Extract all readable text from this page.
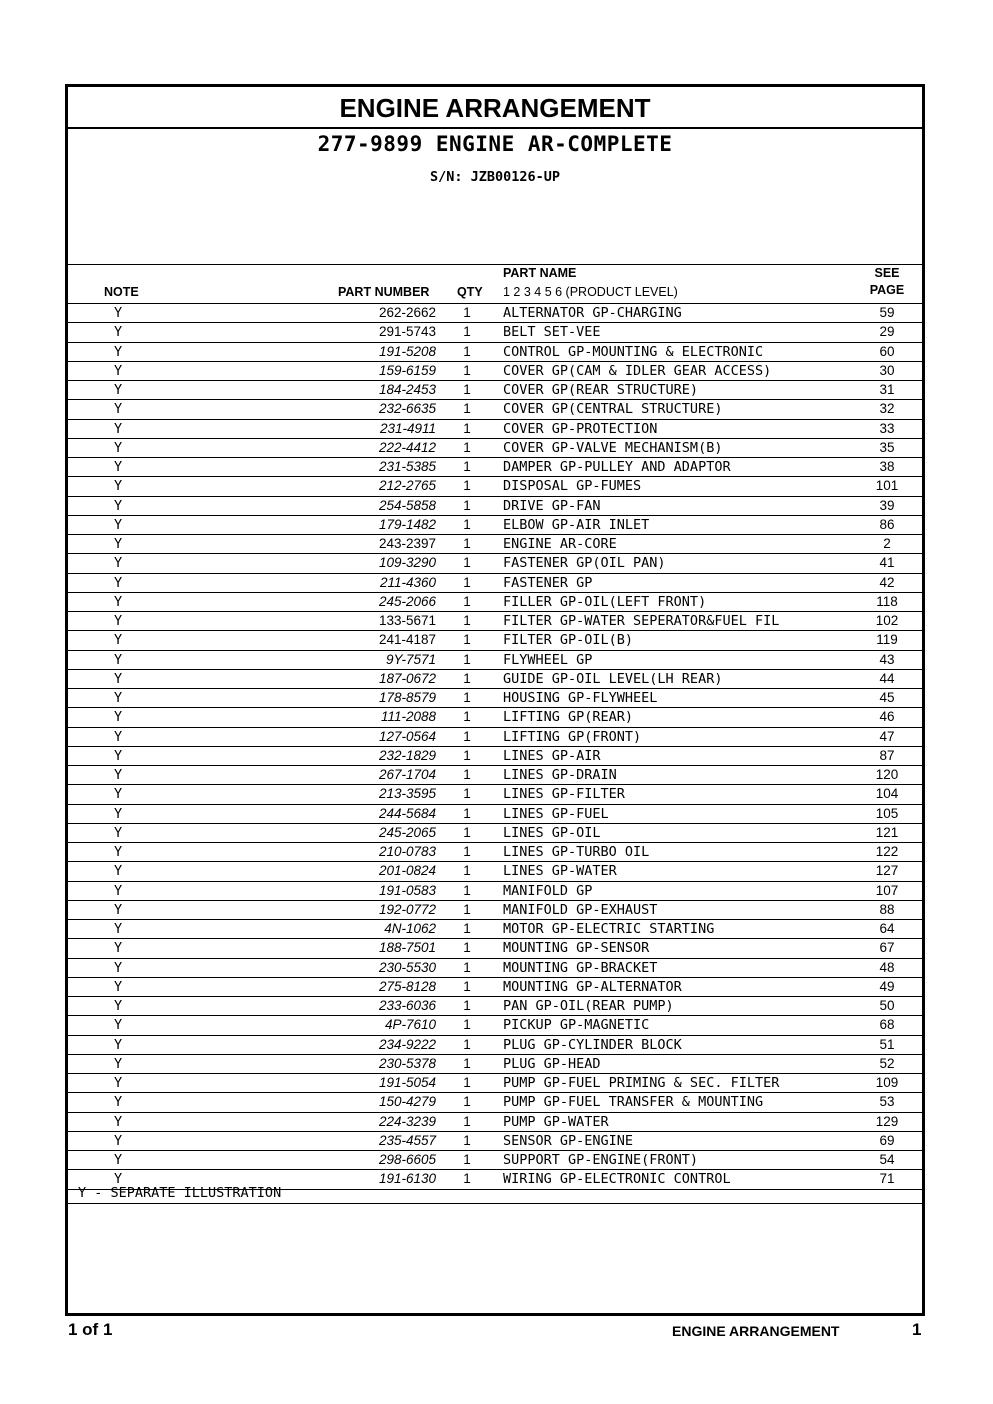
ENGINE ARRANGEMENT
277-9899 ENGINE AR-COMPLETE
S/N: JZB00126-UP
NOTE	PART NUMBER QTY
PART NAME
1 2 3 4 5 6 (PRODUCT LEVEL)
SEE
PAGE
Y	262-2662 1 ALTERNATOR GP-CHARGING	59
Y	291-5743 1 BELT SET-VEE	29
Y	191-5208 1 CONTROL GP-MOUNTING & ELECTRONIC	60
Y	159-6159 1 COVER GP(CAM & IDLER GEAR ACCESS)	30
Y	184-2453 1 COVER GP(REAR STRUCTURE)	31
Y	232-6635 1 COVER GP(CENTRAL STRUCTURE)	32
Y	231-4911 1 COVER GP-PROTECTION	33
Y	222-4412 1 COVER GP-VALVE MECHANISM(B)	35
Y	231-5385 1 DAMPER GP-PULLEY AND ADAPTOR	38
Y	212-2765 1 DISPOSAL GP-FUMES	101
Y	254-5858 1 DRIVE GP-FAN	39
Y	179-1482 1 ELBOW GP-AIR INLET	86
Y	243-2397 1 ENGINE AR-CORE	2
Y	109-3290 1 FASTENER GP(OIL PAN)	41
Y	211-4360 1 FASTENER GP	42
Y	245-2066 1 FILLER GP-OIL(LEFT FRONT)	118
Y	133-5671 1 FILTER GP-WATER SEPERATOR&FUEL FIL	102
Y	241-4187 1 FILTER GP-OIL(B)	119
Y	9Y-7571 1 FLYWHEEL GP	43
Y	187-0672 1 GUIDE GP-OIL LEVEL(LH REAR)	44
Y	178-8579 1 HOUSING GP-FLYWHEEL	45
Y	111-2088 1 LIFTING GP(REAR)	46
Y	127-0564 1 LIFTING GP(FRONT)	47
Y	232-1829 1 LINES GP-AIR	87
Y	267-1704 1 LINES GP-DRAIN	120
Y	213-3595 1 LINES GP-FILTER	104
Y	244-5684 1 LINES GP-FUEL	105
Y	245-2065 1 LINES GP-OIL	121
Y	210-0783 1 LINES GP-TURBO OIL	122
Y	201-0824 1 LINES GP-WATER	127
Y	191-0583 1 MANIFOLD GP	107
Y	192-0772 1 MANIFOLD GP-EXHAUST	88
Y	4N-1062 1 MOTOR GP-ELECTRIC STARTING	64
Y	188-7501 1 MOUNTING GP-SENSOR	67
Y	230-5530 1 MOUNTING GP-BRACKET	48
Y	275-8128 1 MOUNTING GP-ALTERNATOR	49
Y	233-6036 1 PAN GP-OIL(REAR PUMP)	50
Y	4P-7610 1 PICKUP GP-MAGNETIC	68
Y	234-9222 1 PLUG GP-CYLINDER BLOCK	51
Y	230-5378 1 PLUG GP-HEAD	52
Y	191-5054 1 PUMP GP-FUEL PRIMING & SEC. FILTER	109
Y	150-4279 1 PUMP GP-FUEL TRANSFER & MOUNTING	53
Y	224-3239 1 PUMP GP-WATER	129
Y	235-4557 1 SENSOR GP-ENGINE	69
Y	298-6605 1 SUPPORT GP-ENGINE(FRONT)	54
Y	191-6130 1 WIRING GP-ELECTRONIC CONTROL	71
Y - SEPARATE ILLUSTRATION
1 of 1	ENGINE ARRANGEMENT	1
